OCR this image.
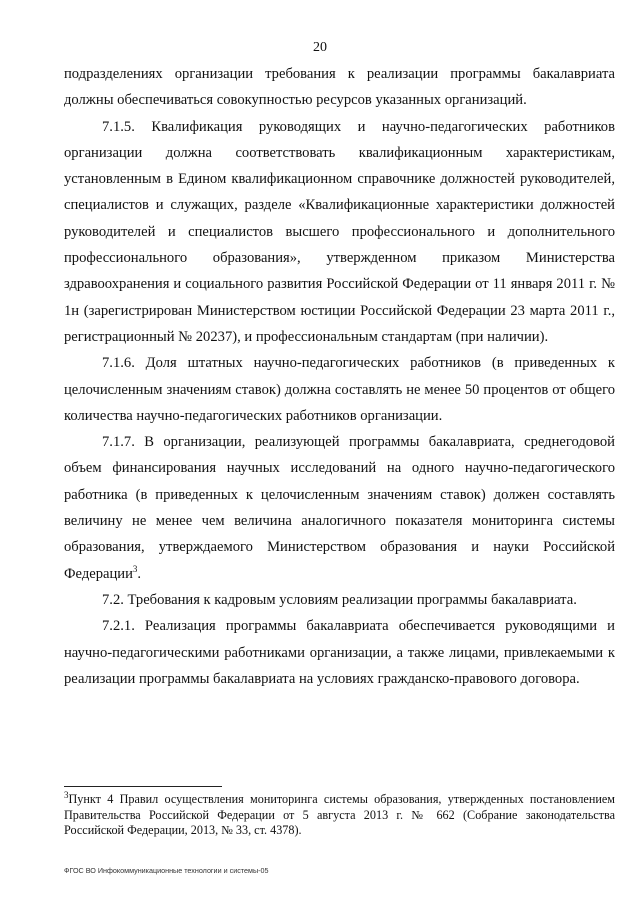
20

подразделениях организации требования к реализации программы бакалавриата должны обеспечиваться совокупностью ресурсов указанных организаций.

7.1.5. Квалификация руководящих и научно-педагогических работников организации должна соответствовать квалификационным характеристикам, установленным в Едином квалификационном справочнике должностей руководителей, специалистов и служащих, разделе «Квалификационные характеристики должностей руководителей и специалистов высшего профессионального и дополнительного профессионального образования», утвержденном приказом Министерства здравоохранения и социального развития Российской Федерации от 11 января 2011 г. № 1н (зарегистрирован Министерством юстиции Российской Федерации 23 марта 2011 г., регистрационный № 20237), и профессиональным стандартам (при наличии).

7.1.6. Доля штатных научно-педагогических работников (в приведенных к целочисленным значениям ставок) должна составлять не менее 50 процентов от общего количества научно-педагогических работников организации.

7.1.7. В организации, реализующей программы бакалавриата, среднегодовой объем финансирования научных исследований на одного научно-педагогического работника (в приведенных к целочисленным значениям ставок) должен составлять величину не менее чем величина аналогичного показателя мониторинга системы образования, утверждаемого Министерством образования и науки Российской Федерации$^3$.

7.2. Требования к кадровым условиям реализации программы бакалавриата.

7.2.1. Реализация программы бакалавриата обеспечивается руководящими и научно-педагогическими работниками организации, а также лицами, привлекаемыми к реализации программы бакалавриата на условиях гражданско-правового договора.

$^3$Пункт 4 Правил осуществления мониторинга системы образования, утвержденных постановлением Правительства Российской Федерации от 5 августа 2013 г. № 662 (Собрание законодательства Российской Федерации, 2013, № 33, ст. 4378).

ФГОС ВО Инфокоммуникационные технологии и системы-05
